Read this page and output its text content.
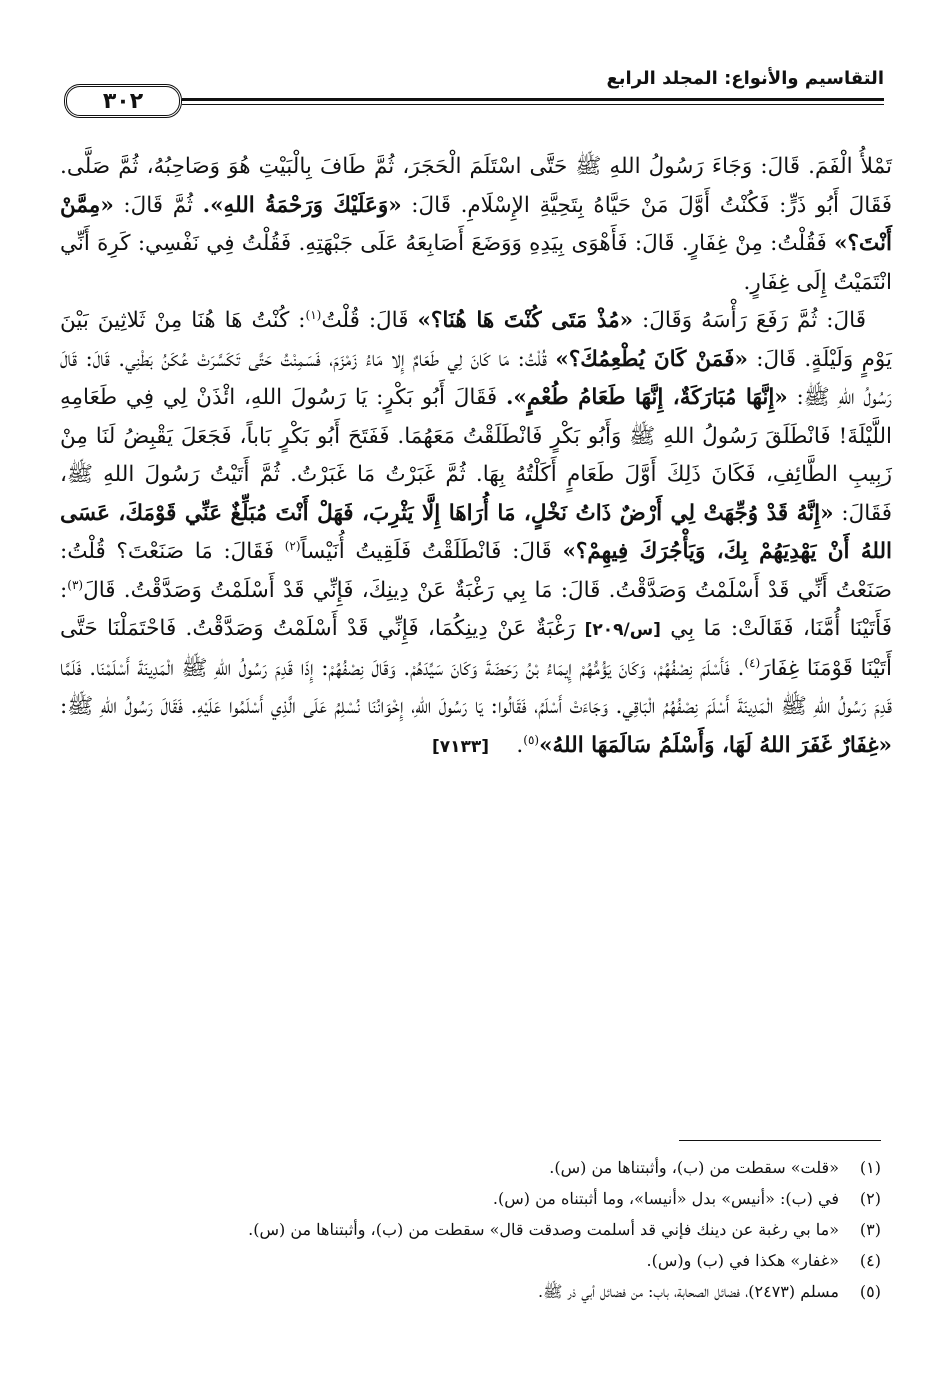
٣٠٢
التقاسيم والأنواع: المجلد الرابع

تَمْلأُ الْفَمَ. قَالَ: وَجَاءَ رَسُولُ اللهِ ﷺ حَتَّى اسْتَلَمَ الْحَجَرَ، ثُمَّ طَافَ بِالْبَيْتِ هُوَ وَصَاحِبُهُ، ثُمَّ صَلَّى. فَقَالَ أَبُو ذَرٍّ: فَكُنْتُ أَوَّلَ مَنْ حَيَّاهُ بِتَحِيَّةِ الإِسْلَامِ. قَالَ: «وَعَلَيْكَ وَرَحْمَةُ اللهِ». ثُمَّ قَالَ: «مِمَّنْ أَنْتَ؟» فَقُلْتُ: مِنْ غِفَارٍ. قَالَ: فَأَهْوَى بِيَدِهِ وَوَضَعَ أَصَابِعَهُ عَلَى جَبْهَتِهِ. فَقُلْتُ فِي نَفْسِي: كَرِهَ أَنِّي انْتَمَيْتُ إِلَى غِفَارٍ.

قَالَ: ثُمَّ رَفَعَ رَأْسَهُ وَقَالَ: «مُذْ مَتَى كُنْتَ هَا هُنَا؟» قَالَ: قُلْتُ$^{(١)}$: كُنْتُ هَا هُنَا مِنْ ثَلاثِينَ بَيْنَ يَوْمٍ وَلَيْلَةٍ. قَالَ: «فَمَنْ كَانَ يُطْعِمُكَ؟» قُلْتُ: مَا كَانَ لِي طَعَامٌ إِلا مَاءُ زَمْزَمَ، فَسَمِنْتُ حَتَّى تَكَسَّرَتْ عُكَنُ بَطْنِي. قَالَ: قَالَ رَسُولُ اللهِ ﷺ: «إِنَّهَا مُبَارَكَةٌ، إِنَّهَا طَعَامُ طُعْمٍ». فَقَالَ أَبُو بَكْرٍ: يَا رَسُولَ اللهِ، ائْذَنْ لِي فِي طَعَامِهِ اللَّيْلَةَ! فَانْطَلَقَ رَسُولُ اللهِ ﷺ وَأَبُو بَكْرٍ فَانْطَلَقْتُ مَعَهُمَا. فَفَتَحَ أَبُو بَكْرٍ بَاباً، فَجَعَلَ يَقْبِضُ لَنَا مِنْ زَبِيبِ الطَّائِفِ، فَكَانَ ذَلِكَ أَوَّلَ طَعَامٍ أَكَلْتُهُ بِهَا. ثُمَّ غَبَرْتُ مَا غَبَرْتُ. ثُمَّ أَتَيْتُ رَسُولَ اللهِ ﷺ، فَقَالَ: «إِنَّهُ قَدْ وُجِّهَتْ لِي أَرْضٌ ذَاتُ نَخْلٍ، مَا أُرَاهَا إِلَّا يَثْرِبَ، فَهَلْ أَنْتَ مُبَلِّغٌ عَنِّي قَوْمَكَ، عَسَى اللهُ أَنْ يَهْدِيَهُمْ بِكَ، وَيَأْجُرَكَ فِيهِمْ؟» قَالَ: فَانْطَلَقْتُ فَلَقِيتُ أُنَيْساً$^{(٢)}$ فَقَالَ: مَا صَنَعْتَ؟ قُلْتُ: صَنَعْتُ أَنِّي قَدْ أَسْلَمْتُ وَصَدَّقْتُ. قَالَ: مَا بِي رَغْبَةٌ عَنْ دِينِكَ، فَإِنِّي قَدْ أَسْلَمْتُ وَصَدَّقْتُ. قَالَ$^{(٣)}$: فَأَتَيْنَا أُمَّنَا، فَقَالَتْ: مَا بِي [س/٢٠٩] رَغْبَةٌ عَنْ دِينِكُمَا، فَإِنِّي قَدْ أَسْلَمْتُ وَصَدَّقْتُ. فَاحْتَمَلْنَا حَتَّى أَتَيْنَا قَوْمَنَا غِفَارَ$^{(٤)}$. فَأَسْلَمَ نِصْفُهُمْ، وَكَانَ يَؤُمُّهُمْ إِيمَاءُ بْنُ رَحَضَةَ وَكَانَ سَيِّدَهُمْ. وَقَالَ نِصْفُهُمْ: إِذَا قَدِمَ رَسُولُ اللهِ ﷺ الْمَدِينَةَ أَسْلَمْنَا. فَلَمَّا قَدِمَ رَسُولُ اللهِ ﷺ الْمَدِينَةَ أَسْلَمَ نِصْفُهُمُ الْبَاقِي. وَجَاءَتْ أَسْلَمُ، فَقَالُوا: يَا رَسُولَ اللهِ، إِخْوَانُنَا نُسْلِمُ عَلَى الَّذِي أَسْلَمُوا عَلَيْهِ. فَقَالَ رَسُولُ اللهِ ﷺ: «غِفَارٌ غَفَرَ اللهُ لَهَا، وَأَسْلَمُ سَالَمَهَا اللهُ»$^{(٥)}$.    [٧١٣٣]

(١)
«قلت» سقطت من (ب)، وأثبتناها من (س).
(٢)
في (ب): «أنيس» بدل «أنيسا»، وما أثبتناه من (س).
(٣)
«ما بي رغبة عن دينك فإني قد أسلمت وصدقت قال» سقطت من (ب)، وأثبتناها من (س).
(٤)
«غفار» هكذا في (ب) و(س).
(٥)
مسلم (٢٤٧٣)، فضائل الصحابة، باب: من فضائل أبي ذر ﷺ.
